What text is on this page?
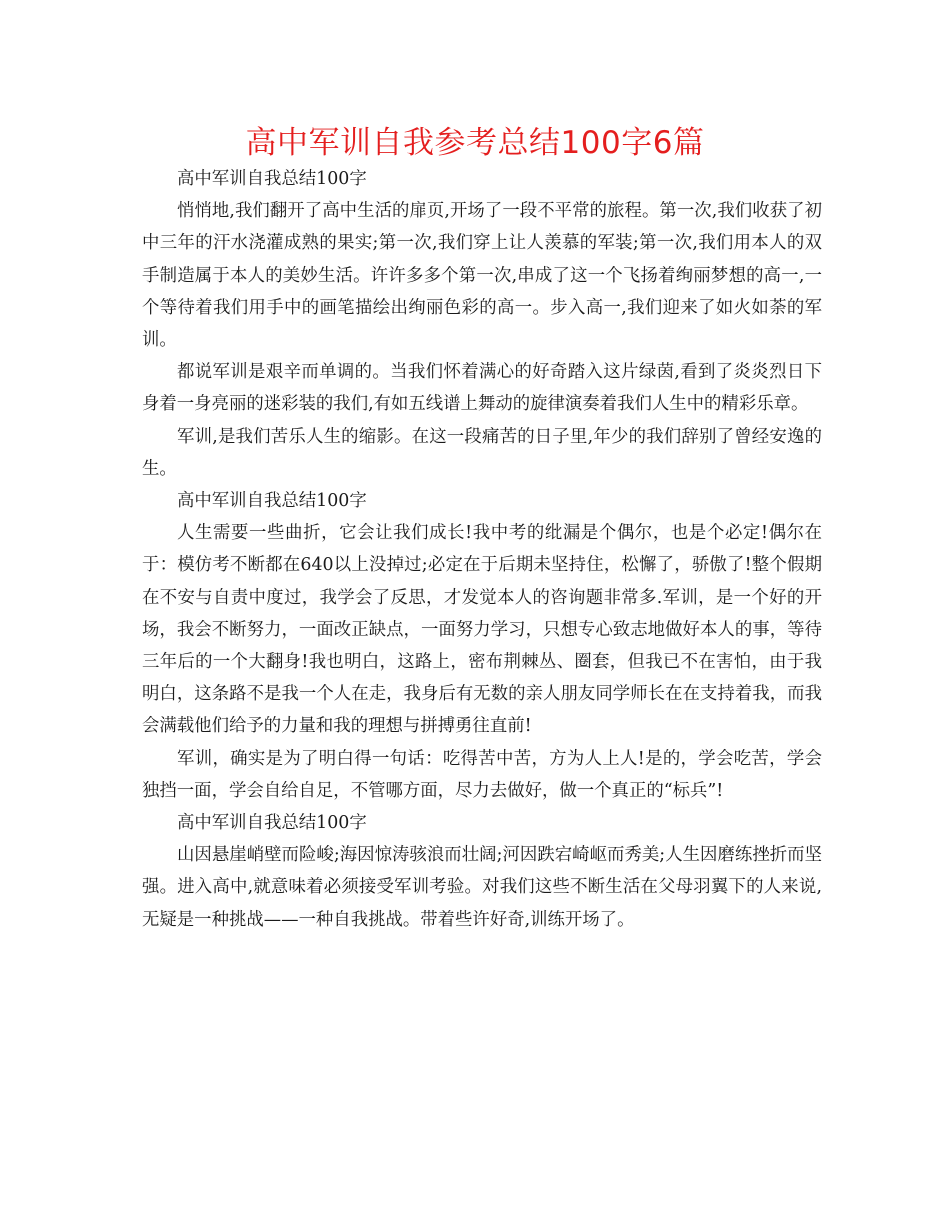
高中军训自我参考总结100字6篇

高中军训自我总结100字

悄悄地,我们翻开了高中生活的扉页,开场了一段不平常的旅程。第一次,我们收获了初中三年的汗水浇灌成熟的果实;第一次,我们穿上让人羡慕的军装;第一次,我们用本人的双手制造属于本人的美妙生活。许许多多个第一次,串成了这一个飞扬着绚丽梦想的高一,一个等待着我们用手中的画笔描绘出绚丽色彩的高一。步入高一,我们迎来了如火如荼的军训。

都说军训是艰辛而单调的。当我们怀着满心的好奇踏入这片绿茵,看到了炎炎烈日下身着一身亮丽的迷彩装的我们,有如五线谱上舞动的旋律演奏着我们人生中的精彩乐章。

军训,是我们苦乐人生的缩影。在这一段痛苦的日子里,年少的我们辞别了曾经安逸的生。

高中军训自我总结100字

人生需要一些曲折，它会让我们成长!我中考的纰漏是个偶尔，也是个必定!偶尔在于：模仿考不断都在640以上没掉过;必定在于后期未坚持住，松懈了，骄傲了!整个假期在不安与自责中度过，我学会了反思，才发觉本人的咨询题非常多.军训，是一个好的开场，我会不断努力，一面改正缺点，一面努力学习，只想专心致志地做好本人的事，等待三年后的一个大翻身!我也明白，这路上，密布荆棘丛、圈套，但我已不在害怕，由于我明白，这条路不是我一个人在走，我身后有无数的亲人朋友同学师长在在支持着我，而我会满载他们给予的力量和我的理想与拼搏勇往直前!

军训，确实是为了明白得一句话：吃得苦中苦，方为人上人!是的，学会吃苦，学会独挡一面，学会自给自足，不管哪方面，尽力去做好，做一个真正的“标兵”!

高中军训自我总结100字

山因悬崖峭壁而险峻;海因惊涛骇浪而壮阔;河因跌宕崎岖而秀美;人生因磨练挫折而坚强。进入高中,就意味着必须接受军训考验。对我们这些不断生活在父母羽翼下的人来说,无疑是一种挑战——一种自我挑战。带着些许好奇,训练开场了。
